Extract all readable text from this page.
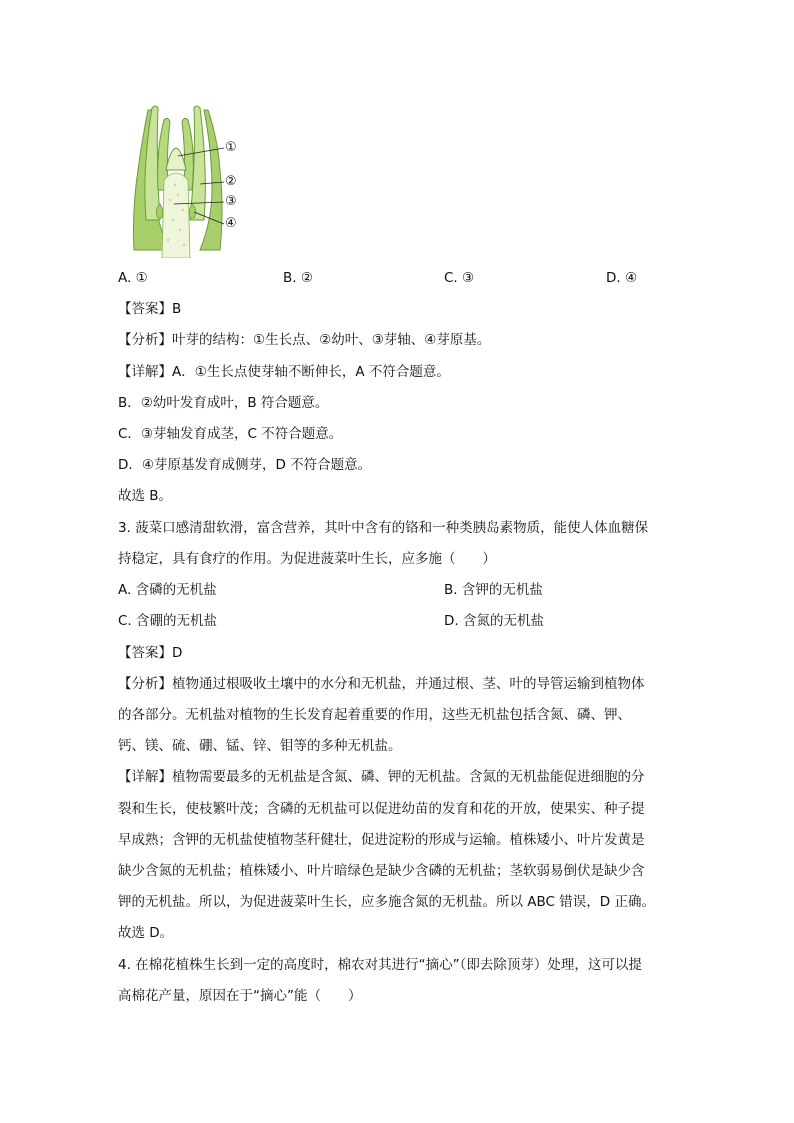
①
②
③
④
A. ①	B. ②	C. ③	D. ④
【答案】B
【分析】叶芽的结构：①生长点、②幼叶、③芽轴、④芽原基。
【详解】A．①生长点使芽轴不断伸长，A 不符合题意。
B．②幼叶发育成叶，B 符合题意。
C．③芽轴发育成茎，C 不符合题意。
D．④芽原基发育成侧芽，D 不符合题意。
故选 B。
3. 菠菜口感清甜软滑，富含营养，其叶中含有的铬和一种类胰岛素物质，能使人体血糖保
持稳定，具有食疗的作用。为促进菠菜叶生长，应多施（　　）
A. 含磷的无机盐	B. 含钾的无机盐
C. 含硼的无机盐	D. 含氮的无机盐
【答案】D
【分析】植物通过根吸收土壤中的水分和无机盐，并通过根、茎、叶的导管运输到植物体
的各部分。无机盐对植物的生长发育起着重要的作用，这些无机盐包括含氮、磷、钾、
钙、镁、硫、硼、锰、锌、钼等的多种无机盐。
【详解】植物需要最多的无机盐是含氮、磷、钾的无机盐。含氮的无机盐能促进细胞的分
裂和生长，使枝繁叶茂；含磷的无机盐可以促进幼苗的发育和花的开放，使果实、种子提
早成熟；含钾的无机盐使植物茎秆健壮，促进淀粉的形成与运输。植株矮小、叶片发黄是
缺少含氮的无机盐；植株矮小、叶片暗绿色是缺少含磷的无机盐；茎软弱易倒伏是缺少含
钾的无机盐。所以，为促进菠菜叶生长，应多施含氮的无机盐。所以 ABC 错误，D 正确。
故选 D。
4. 在棉花植株生长到一定的高度时，棉农对其进行“摘心”（即去除顶芽）处理，这可以提
高棉花产量，原因在于“摘心”能（　　）
